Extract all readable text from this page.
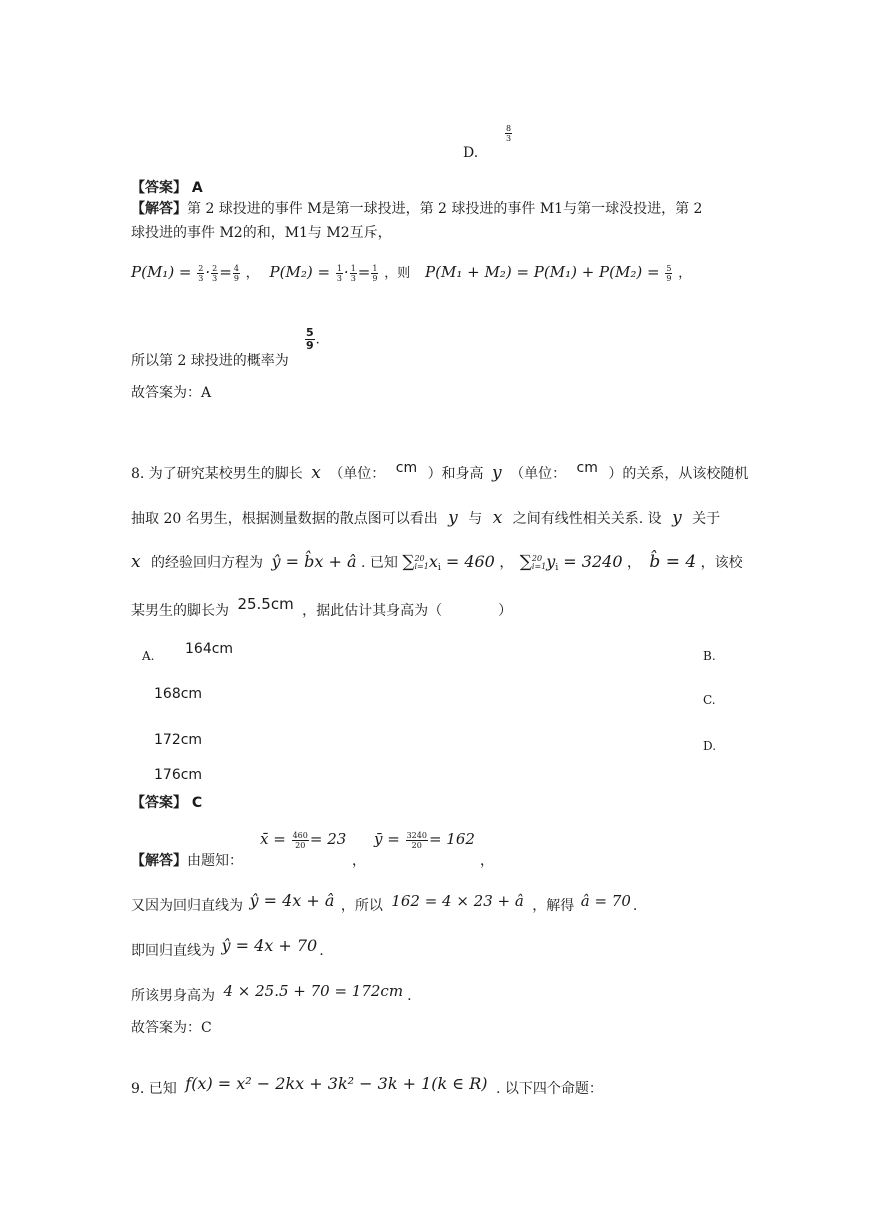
D.
$\frac{8}{3}$
【答案】 A
【解答】第 2 球投进的事件 M是第一球投进，第 2 球投进的事件 M1与第一球没投进，第 2
球投进的事件 M2的和，M1与 M2互斥，
$P(M_1) = \frac{2}{3} \cdot \frac{2}{3} = \frac{4}{9}$ ， $P(M_2) = \frac{1}{3} \cdot \frac{1}{3} = \frac{1}{9}$ ，则 $P(M_1 + M_2) = P(M_1) + P(M_2) = \frac{5}{9}$ ，
所以第 2 球投进的概率为
$\frac{5}{9}$ .
故答案为：A
8. 为了研究某校男生的脚长 x （单位： cm ）和身高 y （单位： cm ）的关系，从该校随机
抽取 20 名男生，根据测量数据的散点图可以看出 y 与 x 之间有线性相关关系. 设 y 关于
x 的经验回归方程为 ŷ = b̂x + â . 已知 ∑ 20
i=1 $x_i = 460$ ， ∑ 20
i=1 $y_i = 3240$ ， b̂ = 4 ，该校
某男生的脚长为 25.5cm ，据此估计其身高为（　　　　）
A. 164cm	B.
168cm	C.
172cm	D.
176cm
【答案】 C
【解答】由题知：
x̄ = $\frac{460}{20} = 23$
，
ȳ = $\frac{3240}{20} = 162$
，
又因为回归直线为 ŷ = 4x + â ，所以 162 = 4 × 23 + â ，解得 â = 70 .
即回归直线为 ŷ = 4x + 70 .
所该男身高为 4 × 25.5 + 70 = 172cm .
故答案为：C
9. 已知 f(x) = x² − 2kx + 3k² − 3k + 1(k ∈ R) . 以下四个命题：
